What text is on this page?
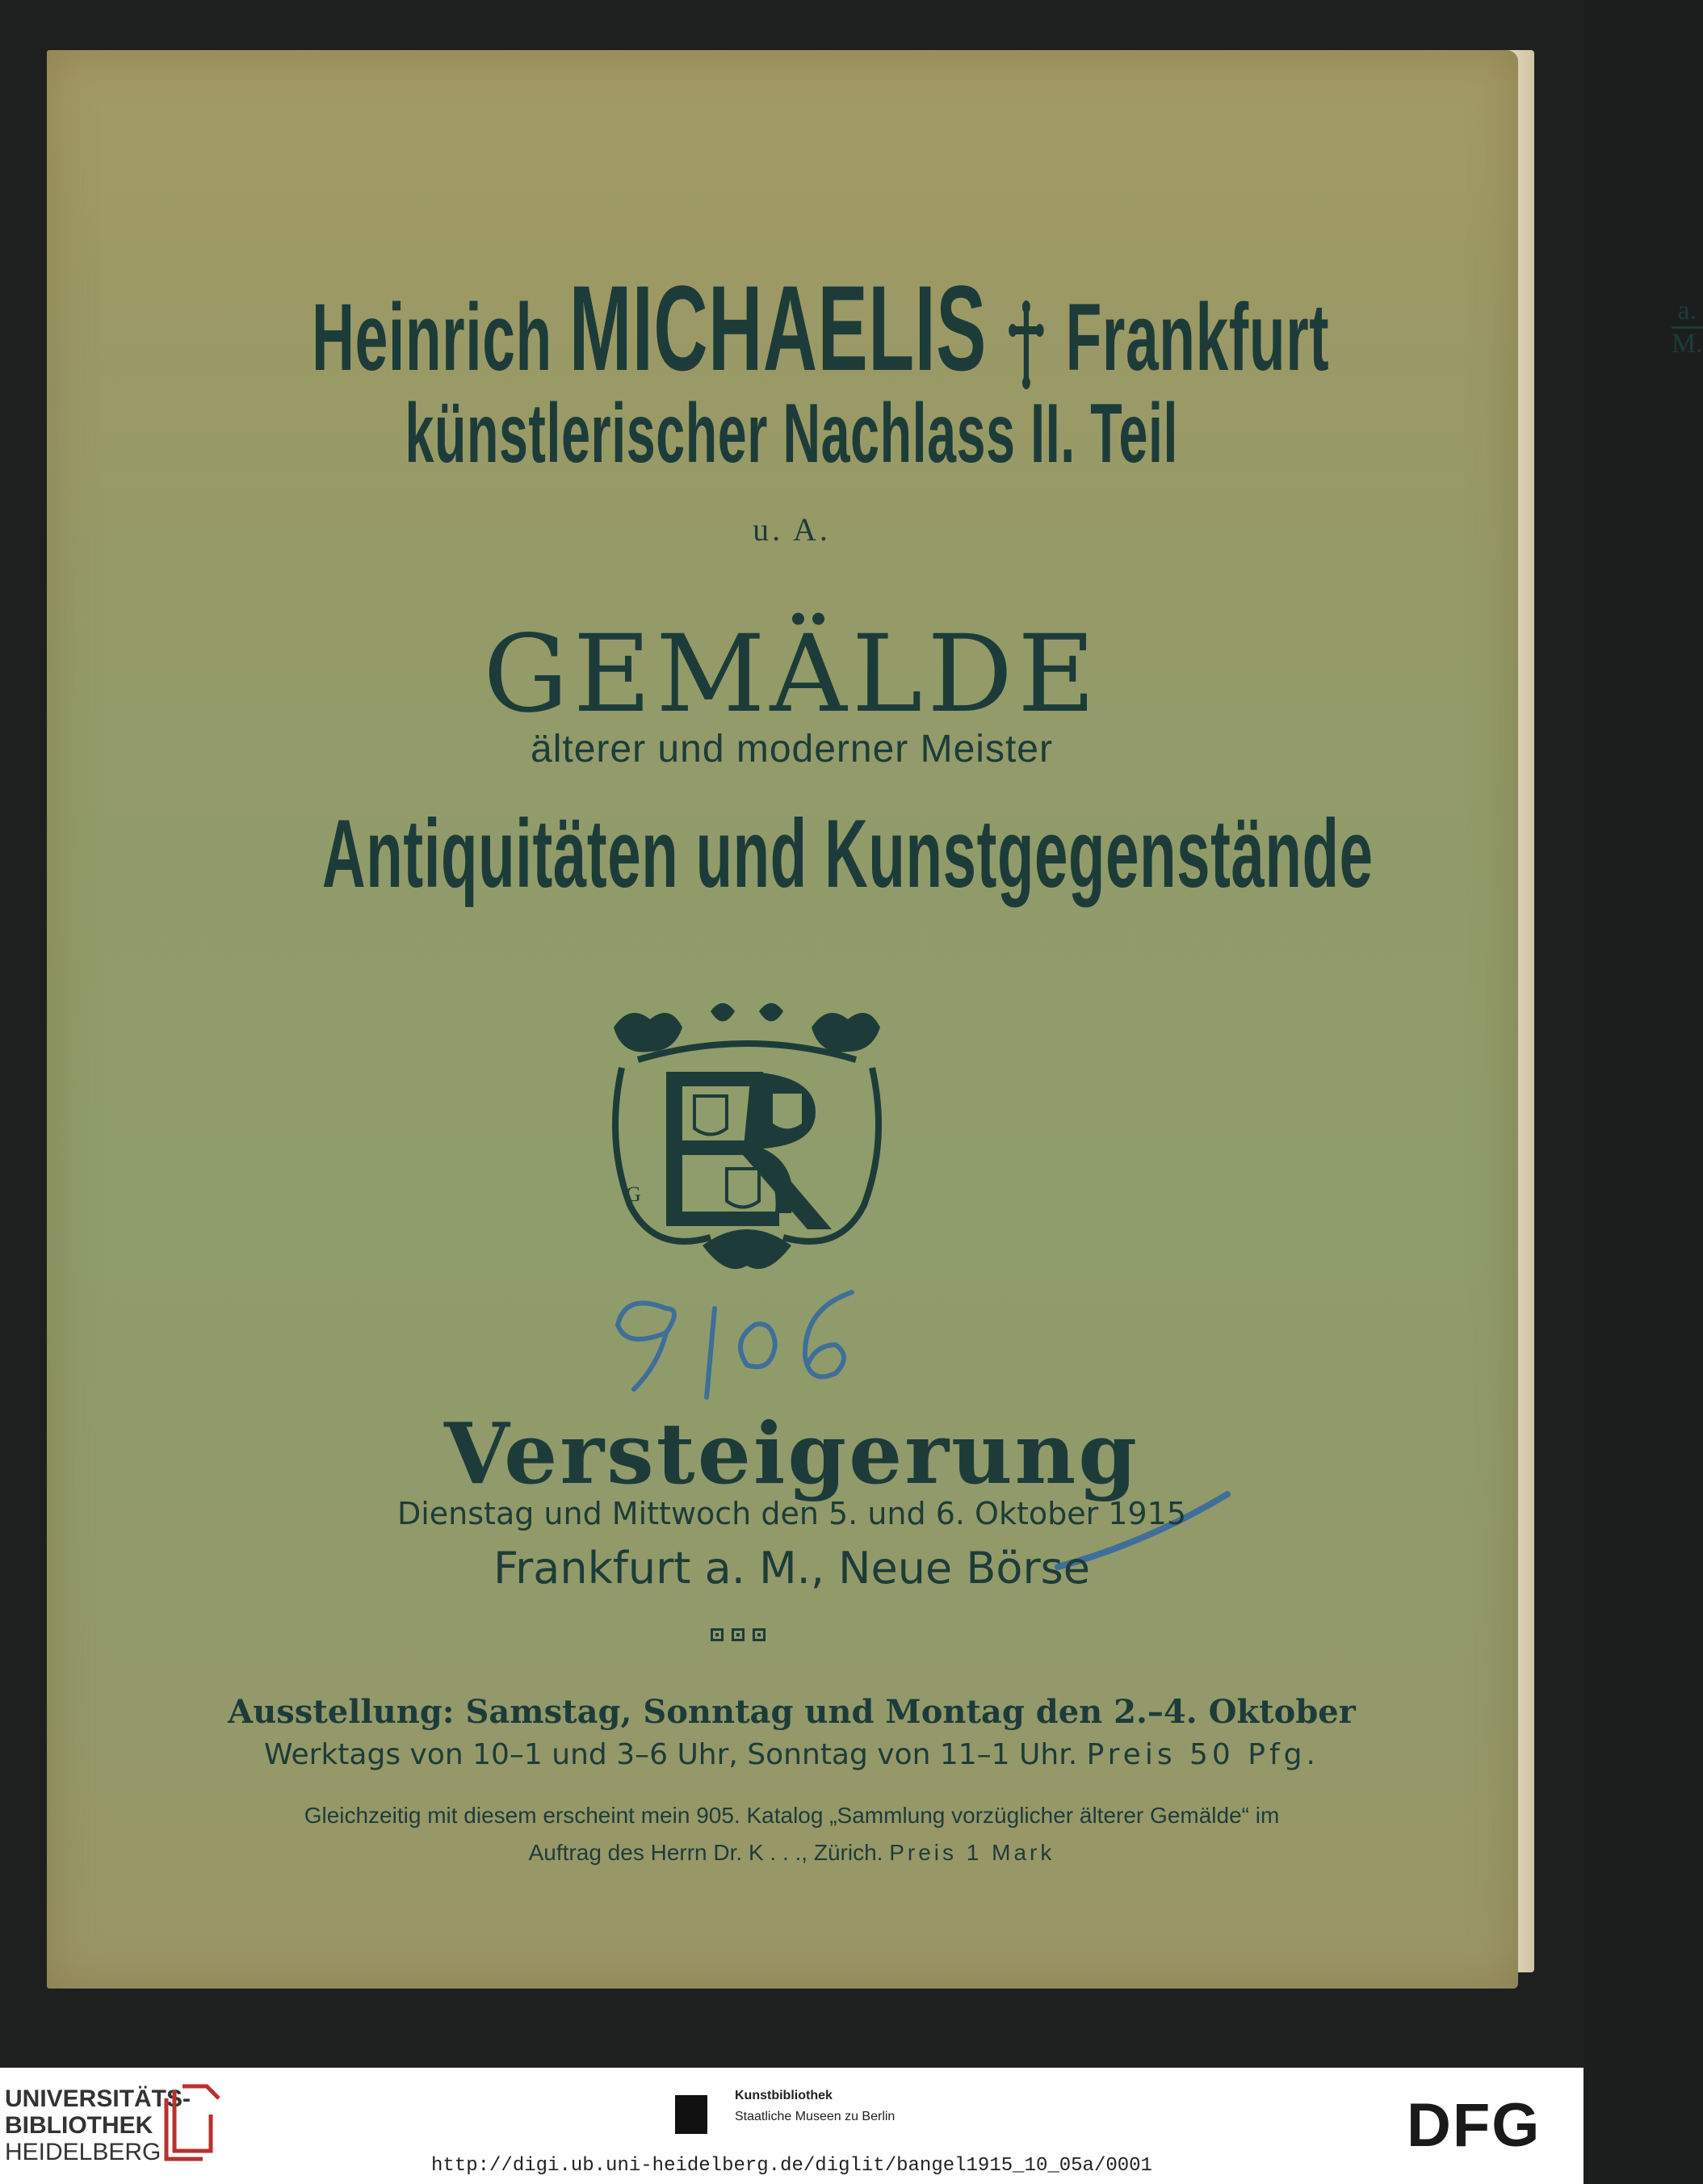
Heinrich MICHAELIS Frankfurt	$\frac{a.}{M.}$
künstlerischer Nachlass II. Teil
u. A.
GEMÄLDE
älterer und moderner Meister
Antiquitäten und Kunstgegenstände
G
Versteigerung
Dienstag und Mittwoch den 5. und 6. Oktober 1915
Frankfurt a. M., Neue Börse
Ausstellung: Samstag, Sonntag und Montag den 2.–4. Oktober
Werktags von 10–1 und 3–6 Uhr, Sonntag von 11–1 Uhr. Preis 50 Pfg.
Gleichzeitig mit diesem erscheint mein 905. Katalog „Sammlung vorzüglicher älterer Gemälde“ im
Auftrag des Herrn Dr. K . . ., Zürich. Preis 1 Mark
UNIVERSITÄTS-
BIBLIOTHEK
HEIDELBERG
Kunstbibliothek
Staatliche Museen zu Berlin	DFG
http://digi.ub.uni-heidelberg.de/diglit/bangel1915_10_05a/0001
